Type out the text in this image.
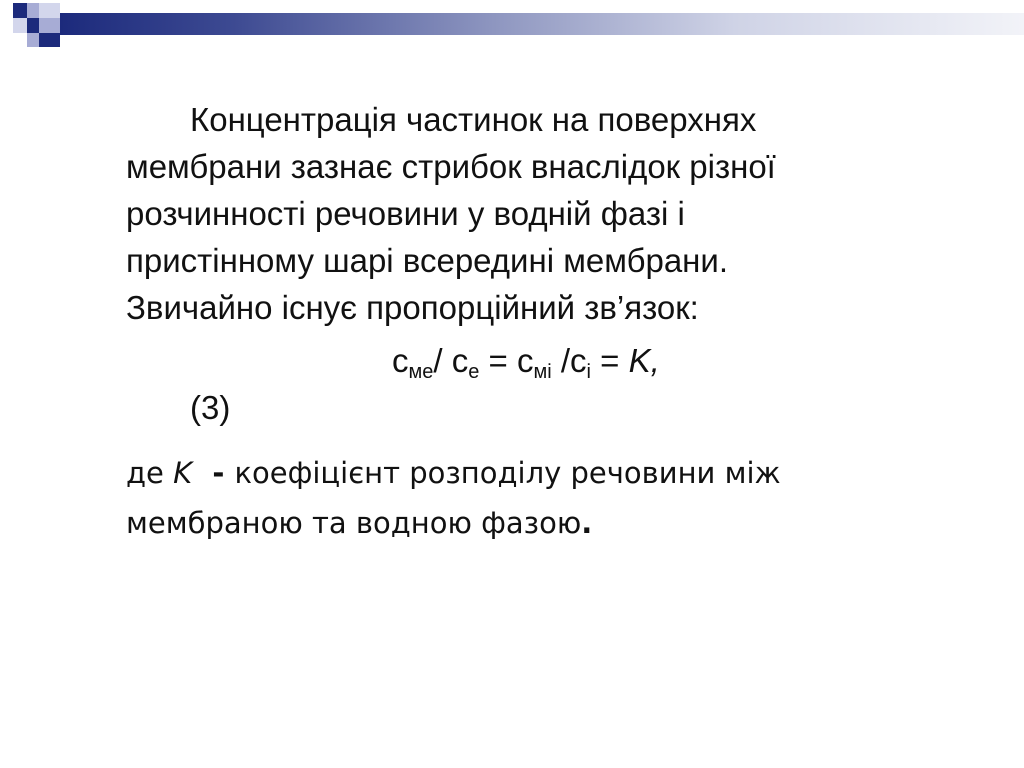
Концентрація частинок на поверхнях

мембрани зазнає стрибок внаслідок різної

розчинності речовини у водній фазі і

пристінному шарі всередині мембрани.

Звичайно існує пропорційний зв’язок:

$c_{ме}/$ $c_е = c_{мі}$ $/c_і = K$,

(3)

де K  - коефіцієнт розподілу речовини між

мембраною та водною фазою.
